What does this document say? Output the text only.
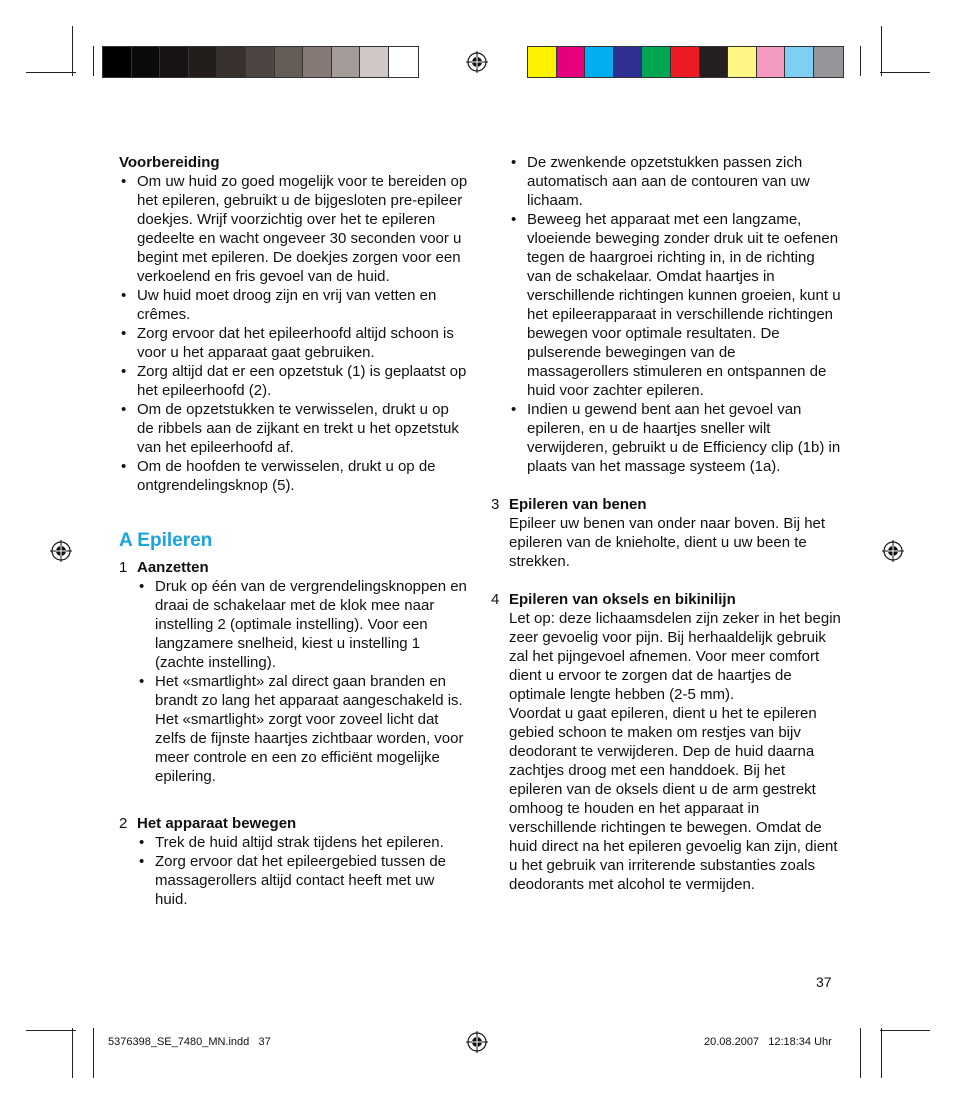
Voorbereiding

• Om uw huid zo goed mogelijk voor te bereiden op het epileren, gebruikt u de bijgesloten pre-epileer doekjes. Wrijf voorzichtig over het te epileren gedeelte en wacht ongeveer 30 seconden voor u begint met epileren. De doekjes zorgen voor een verkoelend en fris gevoel van de huid.
• Uw huid moet droog zijn en vrij van vetten en crêmes.
• Zorg ervoor dat het epileerhoofd altijd schoon is voor u het apparaat gaat gebruiken.
• Zorg altijd dat er een opzetstuk (1) is geplaatst op het epileerhoofd (2).
• Om de opzetstukken te verwisselen, drukt u op de ribbels aan de zijkant en trekt u het opzetstuk van het epileerhoofd af.
• Om de hoofden te verwisselen, drukt u op de ontgrendelingsknop (5).

A Epileren

1 Aanzetten

• Druk op één van de vergrendelingsknoppen en draai de schakelaar met de klok mee naar instelling 2 (optimale instelling). Voor een langzamere snelheid, kiest u instelling 1 (zachte instelling).
• Het «smartlight» zal direct gaan branden en brandt zo lang het apparaat aangeschakeld is. Het «smartlight» zorgt voor zoveel licht dat zelfs de fijnste haartjes zichtbaar worden, voor meer controle en een zo efficiënt mogelijke epilering.

2 Het apparaat bewegen

• Trek de huid altijd strak tijdens het epileren.
• Zorg ervoor dat het epileergebied tussen de massagerollers altijd contact heeft met uw huid.
• De zwenkende opzetstukken passen zich automatisch aan aan de contouren van uw lichaam.
• Beweeg het apparaat met een langzame, vloeiende beweging zonder druk uit te oefenen tegen de haargroei richting in, in de richting van de schakelaar. Omdat haartjes in verschillende richtingen kunnen groeien, kunt u het epileerapparaat in verschillende richtingen bewegen voor optimale resultaten. De pulserende bewegingen van de massagerollers stimuleren en ontspannen de huid voor zachter epileren.
• Indien u gewend bent aan het gevoel van epileren, en u de haartjes sneller wilt verwijderen, gebruikt u de Efficiency clip (1b) in plaats van het massage systeem (1a).

3 Epileren van benen

Epileer uw benen van onder naar boven. Bij het epileren van de knieholte, dient u uw been te strekken.

4 Epileren van oksels en bikinilijn

Let op: deze lichaamsdelen zijn zeker in het begin zeer gevoelig voor pijn. Bij herhaaldelijk gebruik zal het pijngevoel afnemen. Voor meer comfort dient u ervoor te zorgen dat de haartjes de optimale lengte hebben (2-5 mm).

Voordat u gaat epileren, dient u het te epileren gebied schoon te maken om restjes van bijv deodorant te verwijderen. Dep de huid daarna zachtjes droog met een handdoek. Bij het epileren van de oksels dient u de arm gestrekt omhoog te houden en het apparaat in verschillende richtingen te bewegen. Omdat de huid direct na het epileren gevoelig kan zijn, dient u het gebruik van irriterende substanties zoals deodorants met alcohol te vermijden.

37
5376398_SE_7480_MN.indd   37	20.08.2007   12:18:34 Uhr
